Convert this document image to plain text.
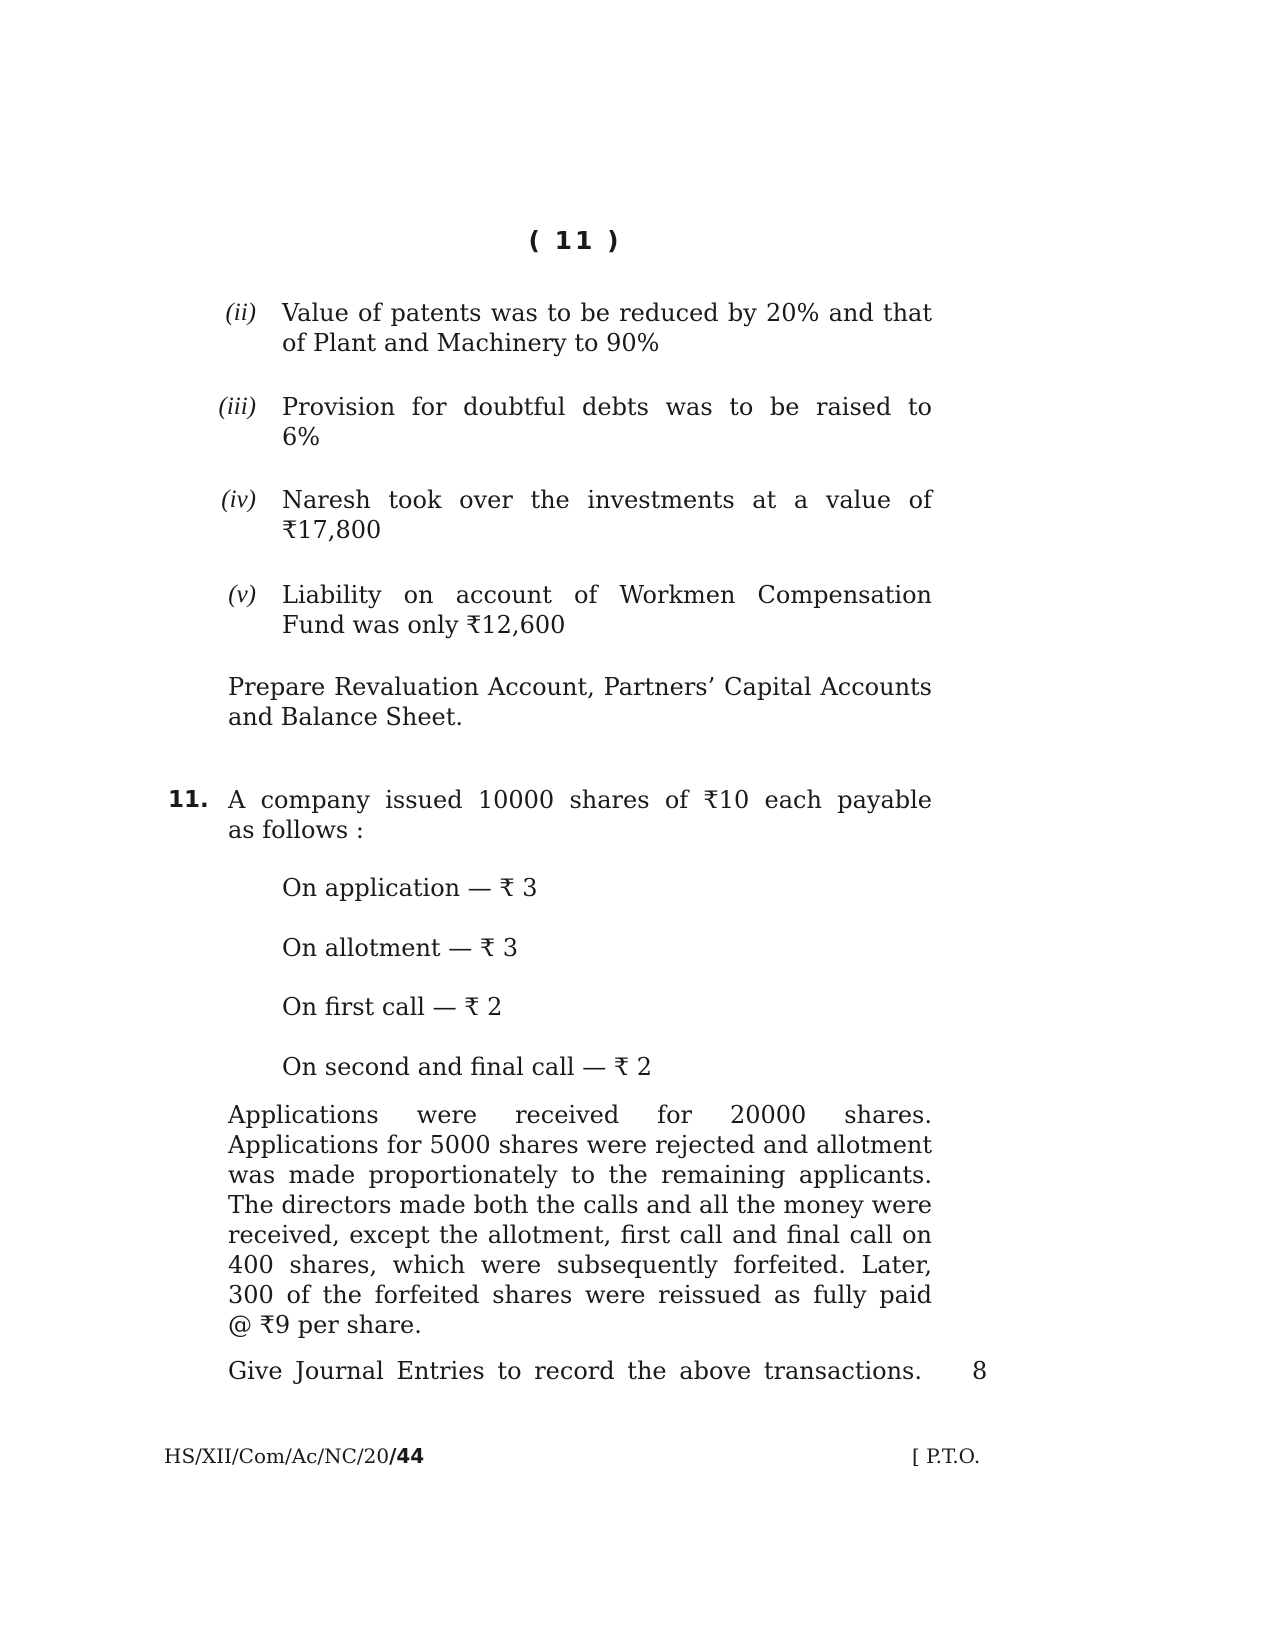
( 11 )
(ii) Value of patents was to be reduced by 20% and that
of Plant and Machinery to 90%
(iii) Provision for doubtful debts was to be raised to
6%
(iv) Naresh took over the investments at a value of
₹17,800
(v) Liability on account of Workmen Compensation
Fund was only ₹12,600
Prepare Revaluation Account, Partners’ Capital Accounts
and Balance Sheet.
11. A company issued 10000 shares of ₹10 each payable
as follows :
On application — ₹ 3
On allotment — ₹ 3
On first call — ₹ 2
On second and final call — ₹ 2
Applications were received for 20000 shares.
Applications for 5000 shares were rejected and allotment
was made proportionately to the remaining applicants.
The directors made both the calls and all the money were
received, except the allotment, first call and final call on
400 shares, which were subsequently forfeited. Later,
300 of the forfeited shares were reissued as fully paid
@ ₹9 per share.
Give Journal Entries to record the above transactions. 8
HS/XII/Com/Ac/NC/20/44	[ P.T.O.
